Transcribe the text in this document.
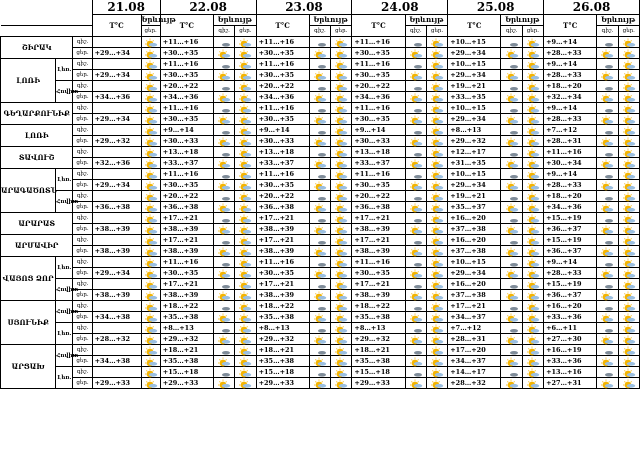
			21.08		22.08			23.08			24.08			25.08			26.08		
			T°C	Երևույթ	T°C	Երևույթ		T°C	Երևույթ		T°C	Երևույթ		T°C	Երևույթ		T°C	Երևույթ	
				ցեր.		գիշ.	ցեր.		գիշ.	ցեր.		գիշ.	ցեր.		գիշ.	ցեր.		գիշ.	ցեր.
ՇԻՐԱԿ		գիշ.			+11…+16			+11…+16			+11…+16			+10…+15			+9…+14		
		ցեր.	+29…+34		+30…+35			+30…+35			+30…+35			+29…+34			+28…+33		
ԼՈՌԻ	Լեռ.	գիշ.			+11…+16			+11…+16			+11…+16			+10…+15			+9…+14		
		ցեր.	+29…+34		+30…+35			+30…+35			+30…+35			+29…+34			+28…+33		
	Հովիտ	գիշ.			+20…+22			+20…+22			+20…+22			+19…+21			+18…+20		
		ցեր.	+34…+36		+34…+36			+34…+36			+34…+36			+33…+35			+32…+34		
ԳԵՂԱՐՔՈՒՆԻՔ		գիշ.			+11…+16			+11…+16			+11…+16			+10…+15			+9…+14		
		ցեր.	+29…+34		+30…+35			+30…+35			+30…+35			+29…+34			+28…+33		
ԼՈՌԻ		գիշ.			+9…+14			+9…+14			+9…+14			+8…+13			+7…+12		
		ցեր.	+29…+32		+30…+33			+30…+33			+30…+33			+29…+32			+28…+31		
ՏԱՎՈՒՇ		գիշ.			+13…+18			+13…+18			+13…+18			+12…+17			+11…+16		
		ցեր.	+32…+36		+33…+37			+33…+37			+33…+37			+31…+35			+30…+34		
ԱՐԱԳԱԾՈՏՆ	Լեռ.	գիշ.			+11…+16			+11…+16			+11…+16			+10…+15			+9…+14		
		ցեր.	+29…+34		+30…+35			+30…+35			+30…+35			+29…+34			+28…+33		
	Հովիտ	գիշ.			+20…+22			+20…+22			+20…+22			+19…+21			+18…+20		
		ցեր.	+36…+38		+36…+38			+36…+38			+36…+38			+35…+37			+34…+36		
ԱՐԱՐԱՏ		գիշ.			+17…+21			+17…+21			+17…+21			+16…+20			+15…+19		
		ցեր.	+38…+39		+38…+39			+38…+39			+38…+39			+37…+38			+36…+37		
ԱՐՄԱՎԻՐ		գիշ.			+17…+21			+17…+21			+17…+21			+16…+20			+15…+19		
		ցեր.	+38…+39		+38…+39			+38…+39			+38…+39			+37…+38			+36…+37		
ՎԱՅՈՑ ՁՈՐ	Լեռ.	գիշ.			+11…+16			+11…+16			+11…+16			+10…+15			+9…+14		
		ցեր.	+29…+34		+30…+35			+30…+35			+30…+35			+29…+34			+28…+33		
	Հովիտ	գիշ.			+17…+21			+17…+21			+17…+21			+16…+20			+15…+19		
		ցեր.	+38…+39		+38…+39			+38…+39			+38…+39			+37…+38			+36…+37		
ՍՅՈՒՆԻՔ	Հովիտ	գիշ.			+18…+22			+18…+22			+18…+22			+17…+21			+16…+20		
		ցեր.	+34…+38		+35…+38			+35…+38			+35…+38			+34…+37			+33…+36		
	Լեռ.	գիշ.			+8…+13			+8…+13			+8…+13			+7…+12			+6…+11		
		ցեր.	+28…+32		+29…+32			+29…+32			+29…+32			+28…+31			+27…+30		
ԱՐՑԱԽ	Հովիտ	գիշ.			+18…+21			+18…+21			+18…+21			+17…+20			+16…+19		
		ցեր.	+34…+38		+35…+38			+35…+38			+35…+38			+34…+37			+33…+36		
	Լեռ.	գիշ.			+15…+18			+15…+18			+15…+18			+14…+17			+13…+16		
		ցեր.	+29…+33		+29…+33			+29…+33			+29…+33			+28…+32			+27…+31		
